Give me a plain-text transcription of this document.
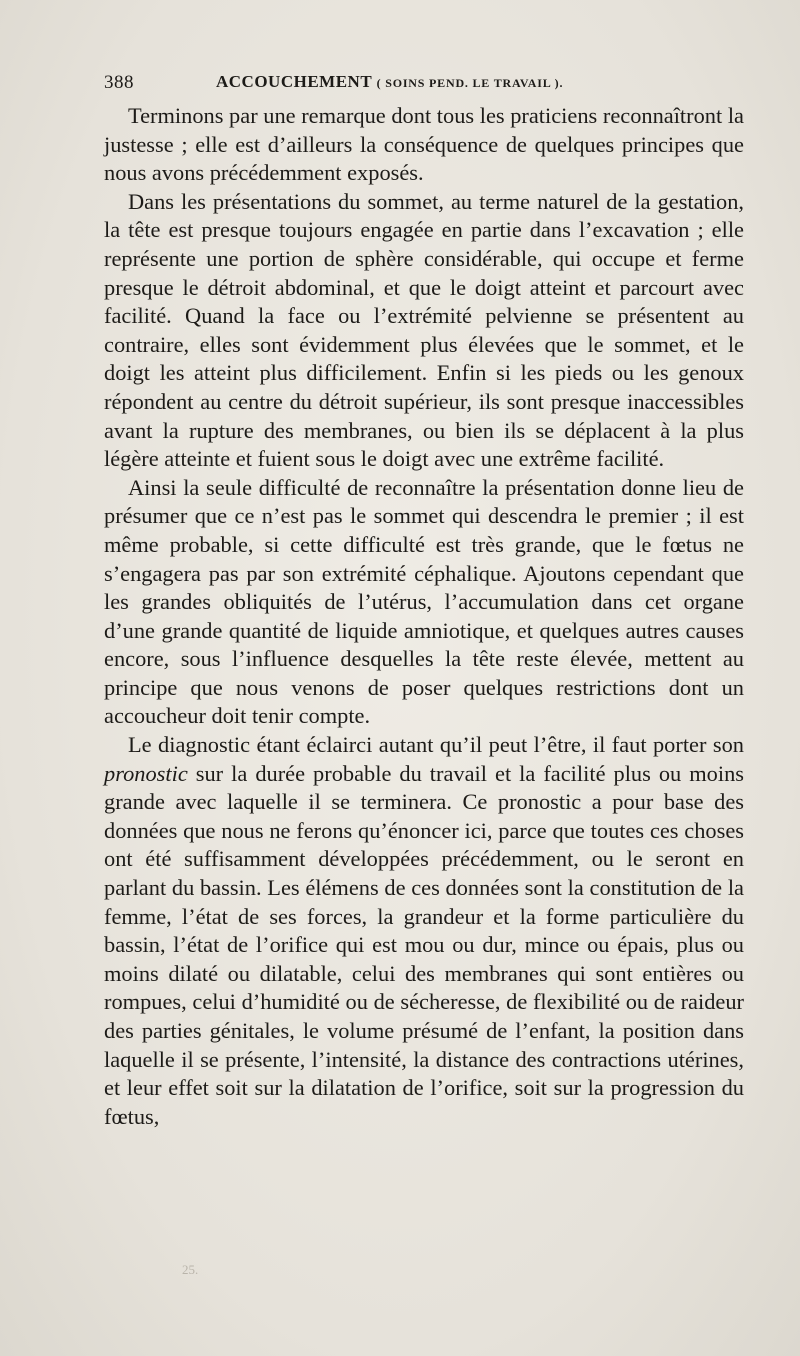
388	ACCOUCHEMENT ( SOINS PEND. LE TRAVAIL ).

Terminons par une remarque dont tous les praticiens reconnaîtront la justesse ; elle est d’ailleurs la conséquence de quelques principes que nous avons précédemment exposés.

Dans les présentations du sommet, au terme naturel de la gestation, la tête est presque toujours engagée en partie dans l’excavation ; elle représente une portion de sphère considérable, qui occupe et ferme presque le détroit abdominal, et que le doigt atteint et parcourt avec facilité. Quand la face ou l’extrémité pelvienne se présentent au contraire, elles sont évidemment plus élevées que le sommet, et le doigt les atteint plus difficilement. Enfin si les pieds ou les genoux répondent au centre du détroit supérieur, ils sont presque inaccessibles avant la rupture des membranes, ou bien ils se déplacent à la plus légère atteinte et fuient sous le doigt avec une extrême facilité.

Ainsi la seule difficulté de reconnaître la présentation donne lieu de présumer que ce n’est pas le sommet qui descendra le premier ; il est même probable, si cette difficulté est très grande, que le fœtus ne s’engagera pas par son extrémité céphalique. Ajoutons cependant que les grandes obliquités de l’utérus, l’accumulation dans cet organe d’une grande quantité de liquide amniotique, et quelques autres causes encore, sous l’influence desquelles la tête reste élevée, mettent au principe que nous venons de poser quelques restrictions dont un accoucheur doit tenir compte.

Le diagnostic étant éclairci autant qu’il peut l’être, il faut porter son pronostic sur la durée probable du travail et la facilité plus ou moins grande avec laquelle il se terminera. Ce pronostic a pour base des données que nous ne ferons qu’énoncer ici, parce que toutes ces choses ont été suffisamment développées précédemment, ou le seront en parlant du bassin. Les élémens de ces données sont la constitution de la femme, l’état de ses forces, la grandeur et la forme particulière du bassin, l’état de l’orifice qui est mou ou dur, mince ou épais, plus ou moins dilaté ou dilatable, celui des membranes qui sont entières ou rompues, celui d’humidité ou de sécheresse, de flexibilité ou de raideur des parties génitales, le volume présumé de l’enfant, la position dans laquelle il se présente, l’intensité, la distance des contractions utérines, et leur effet soit sur la dilatation de l’orifice, soit sur la progression du fœtus,

25.
